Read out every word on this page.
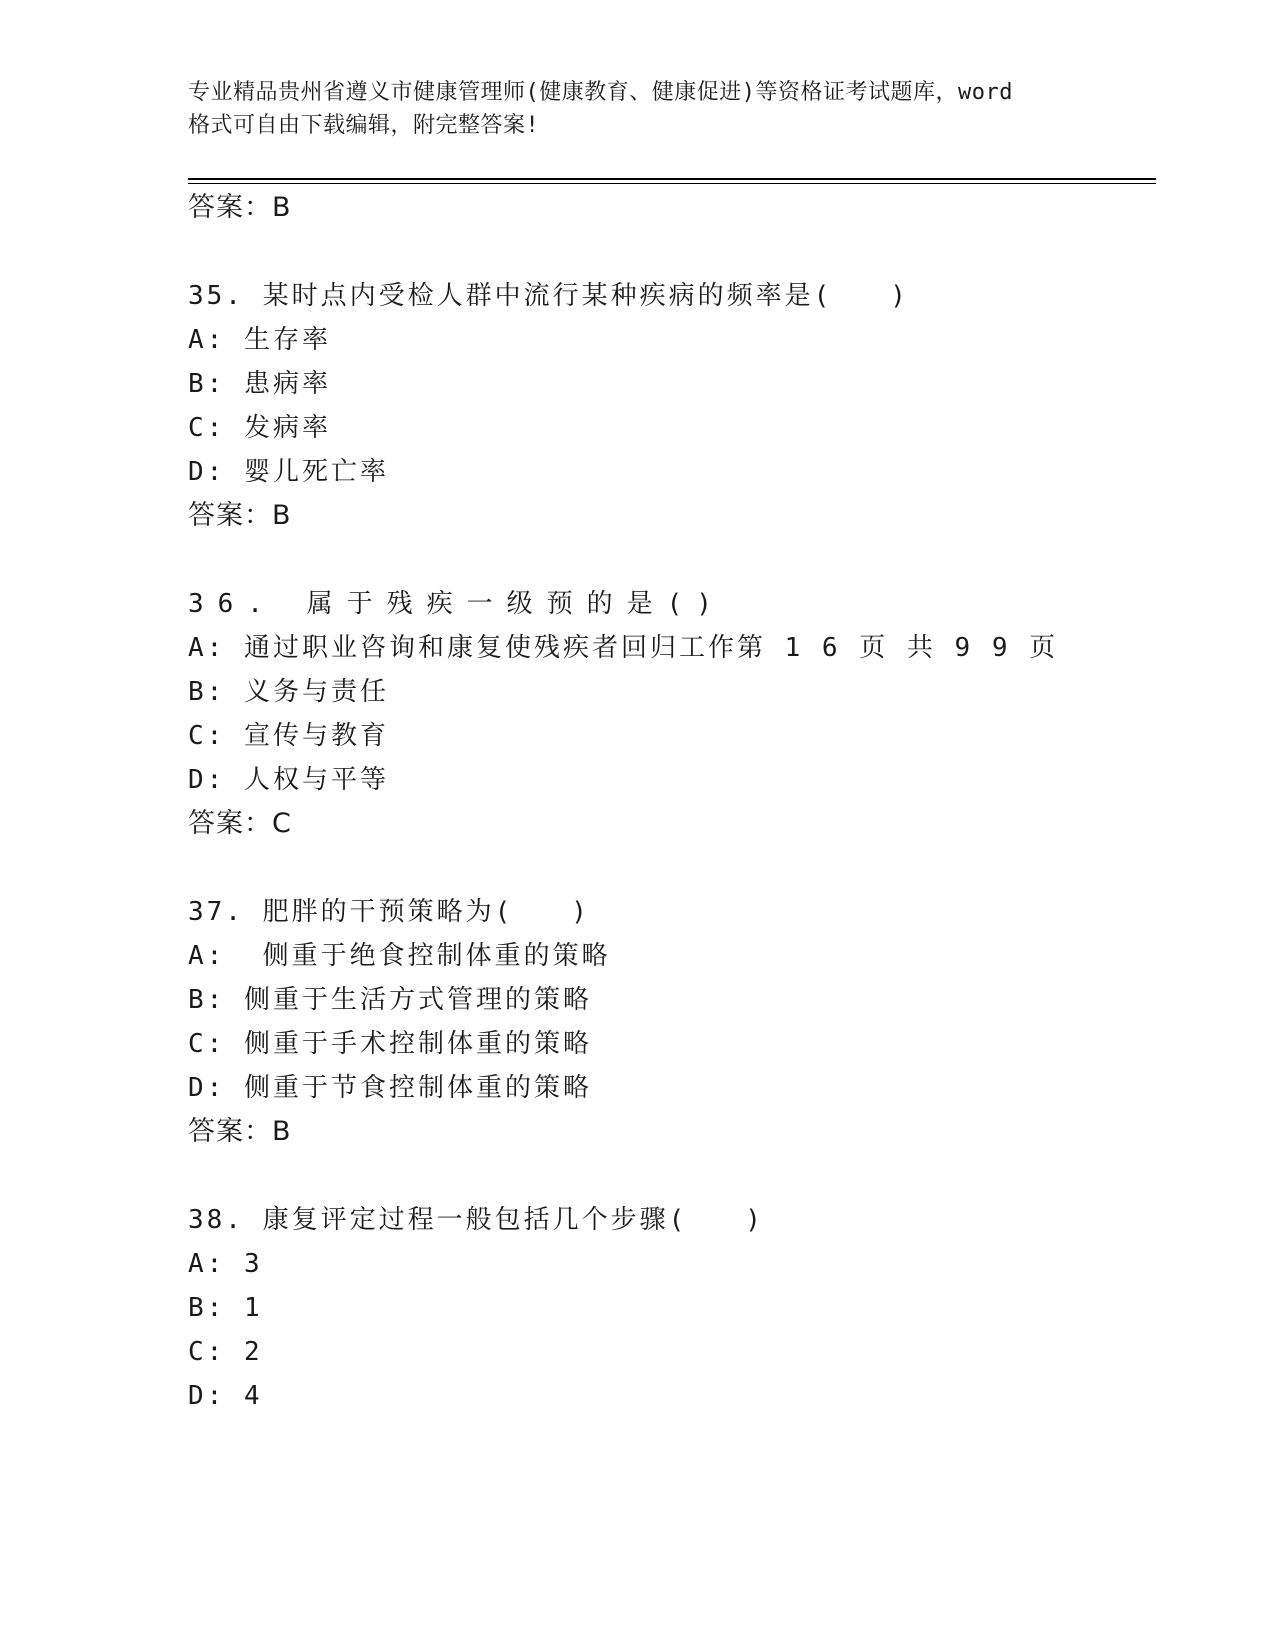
专业精品贵州省遵义市健康管理师(健康教育、健康促进)等资格证考试题库，word
格式可自由下载编辑，附完整答案!
答案：B
35. 某时点内受检人群中流行某种疾病的频率是(　　)
A: 生存率
B: 患病率
C: 发病率
D: 婴儿死亡率
答案：B
36. 属于残疾一级预的是()
A: 通过职业咨询和康复使残疾者回归工作第 1 6 页 共 9 9 页
B: 义务与责任
C: 宣传与教育
D: 人权与平等
答案：C
37. 肥胖的干预策略为(　　)
A:  侧重于绝食控制体重的策略
B: 侧重于生活方式管理的策略
C: 侧重于手术控制体重的策略
D: 侧重于节食控制体重的策略
答案：B
38. 康复评定过程一般包括几个步骤(　　)
A: 3
B: 1
C: 2
D: 4
